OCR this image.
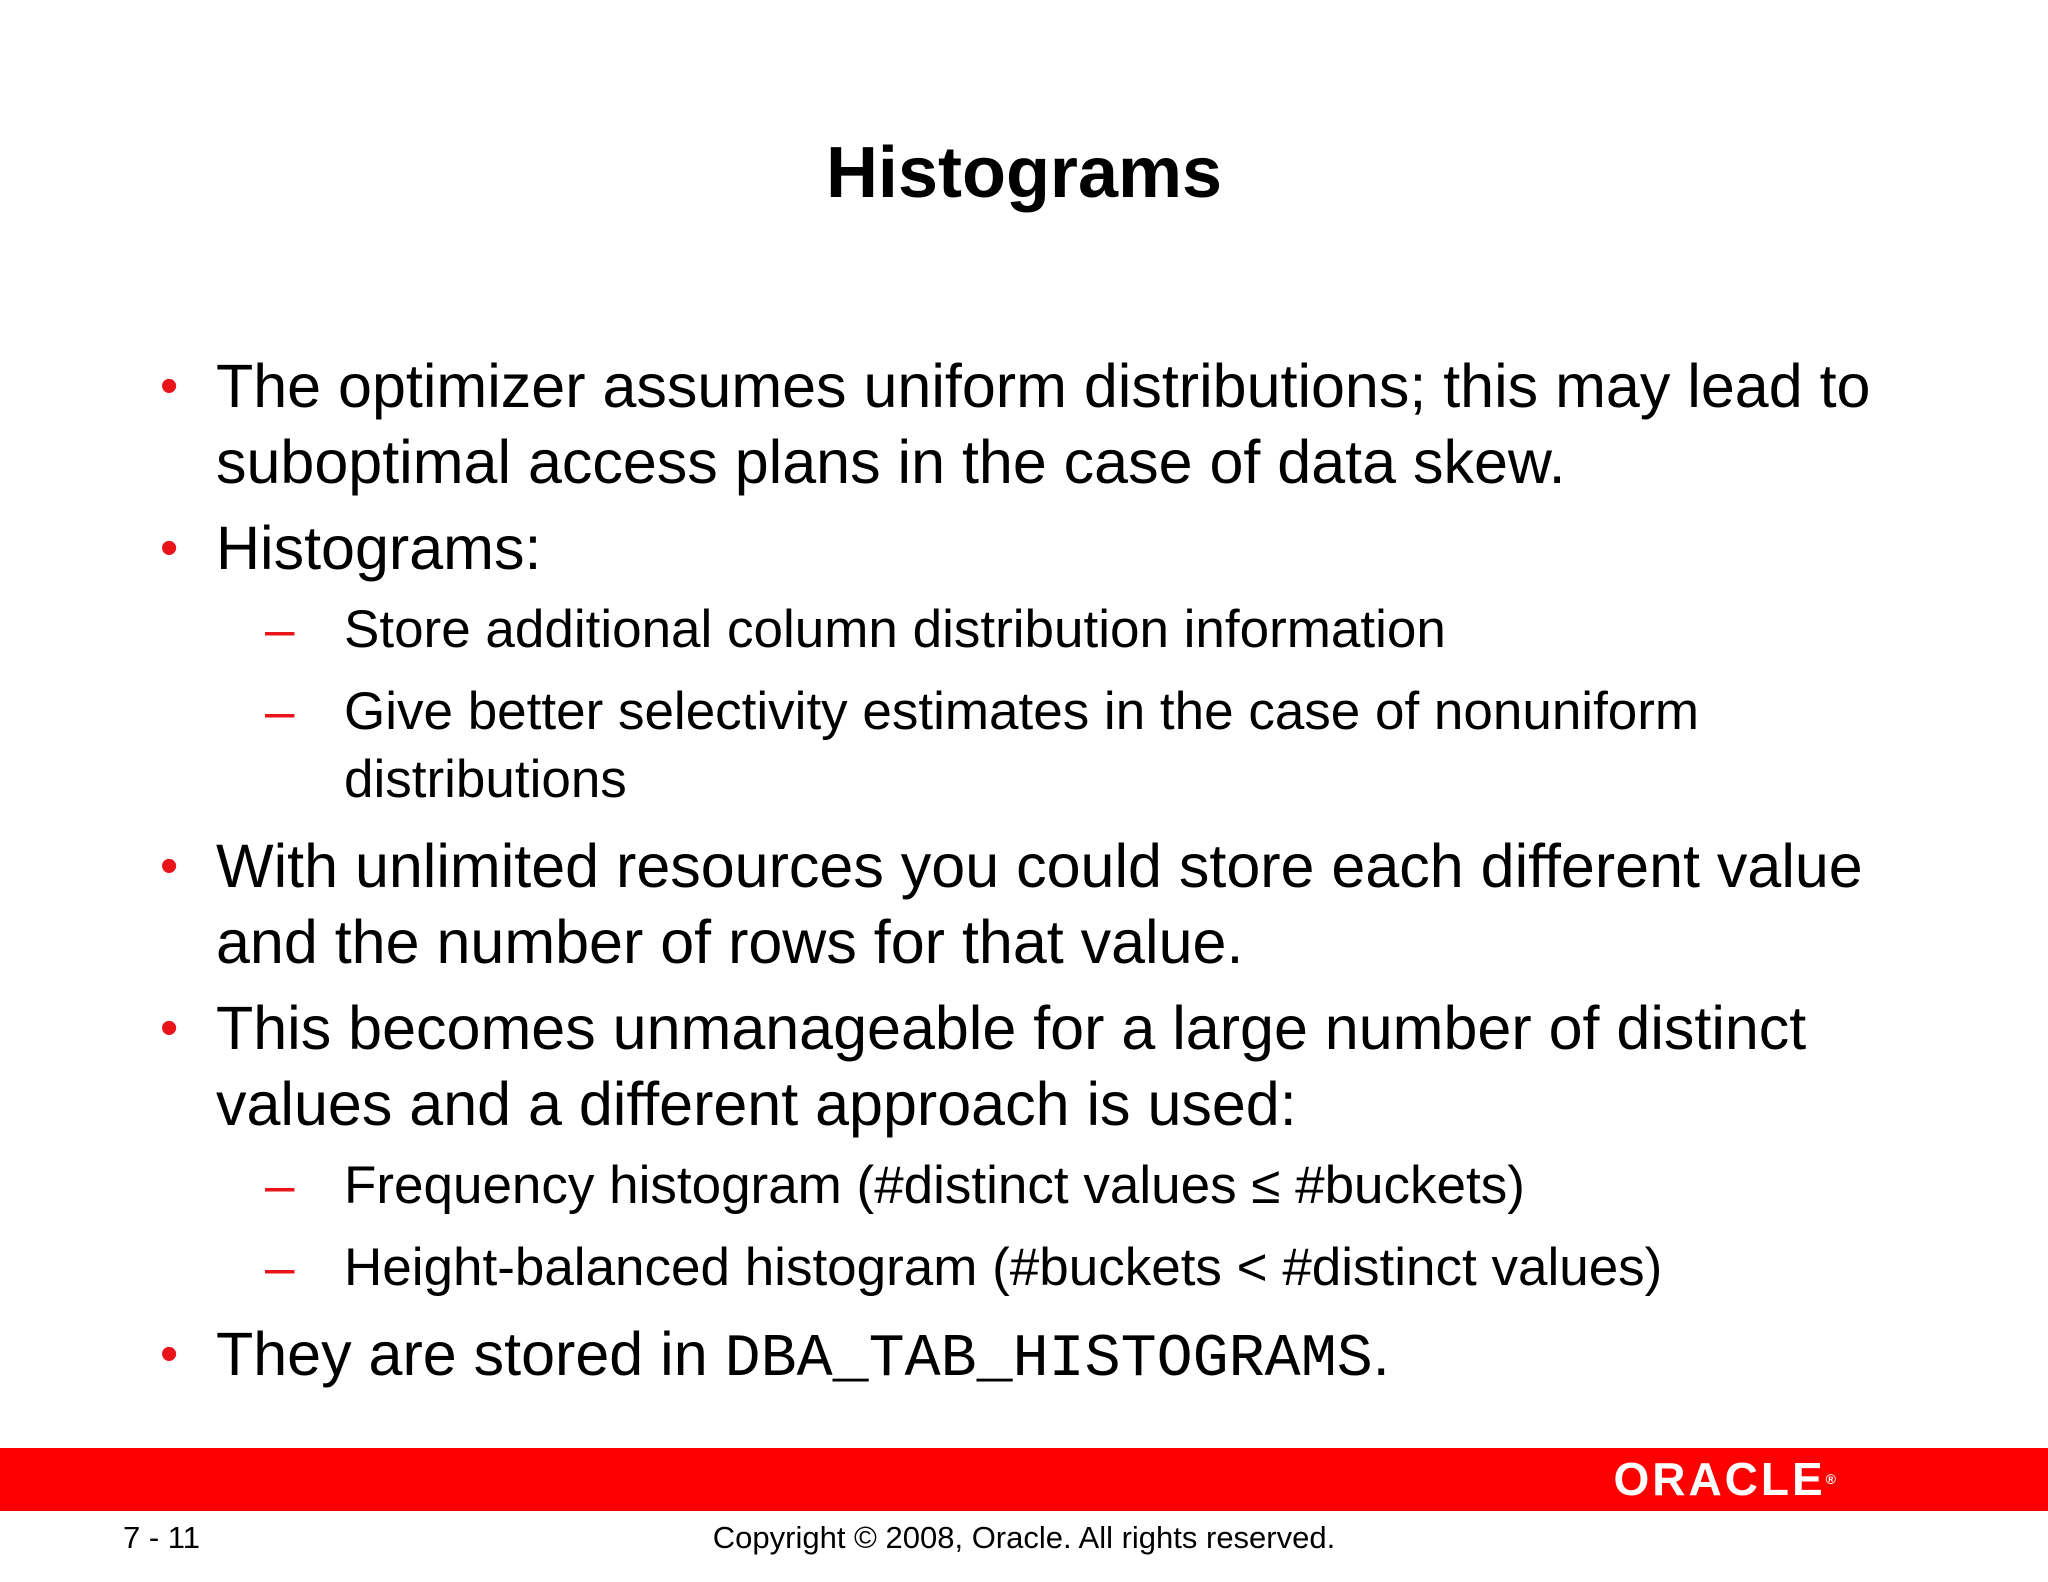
Histograms
• The optimizer assumes uniform distributions; this may lead to suboptimal access plans in the case of data skew.
• Histograms:
– Store additional column distribution information
– Give better selectivity estimates in the case of nonuniform distributions
• With unlimited resources you could store each different value and the number of rows for that value.
• This becomes unmanageable for a large number of distinct values and a different approach is used:
– Frequency histogram (#distinct values ≤ #buckets)
– Height-balanced histogram (#buckets < #distinct values)
• They are stored in DBA_TAB_HISTOGRAMS.
ORACLE®
7 - 11	Copyright © 2008, Oracle. All rights reserved.
